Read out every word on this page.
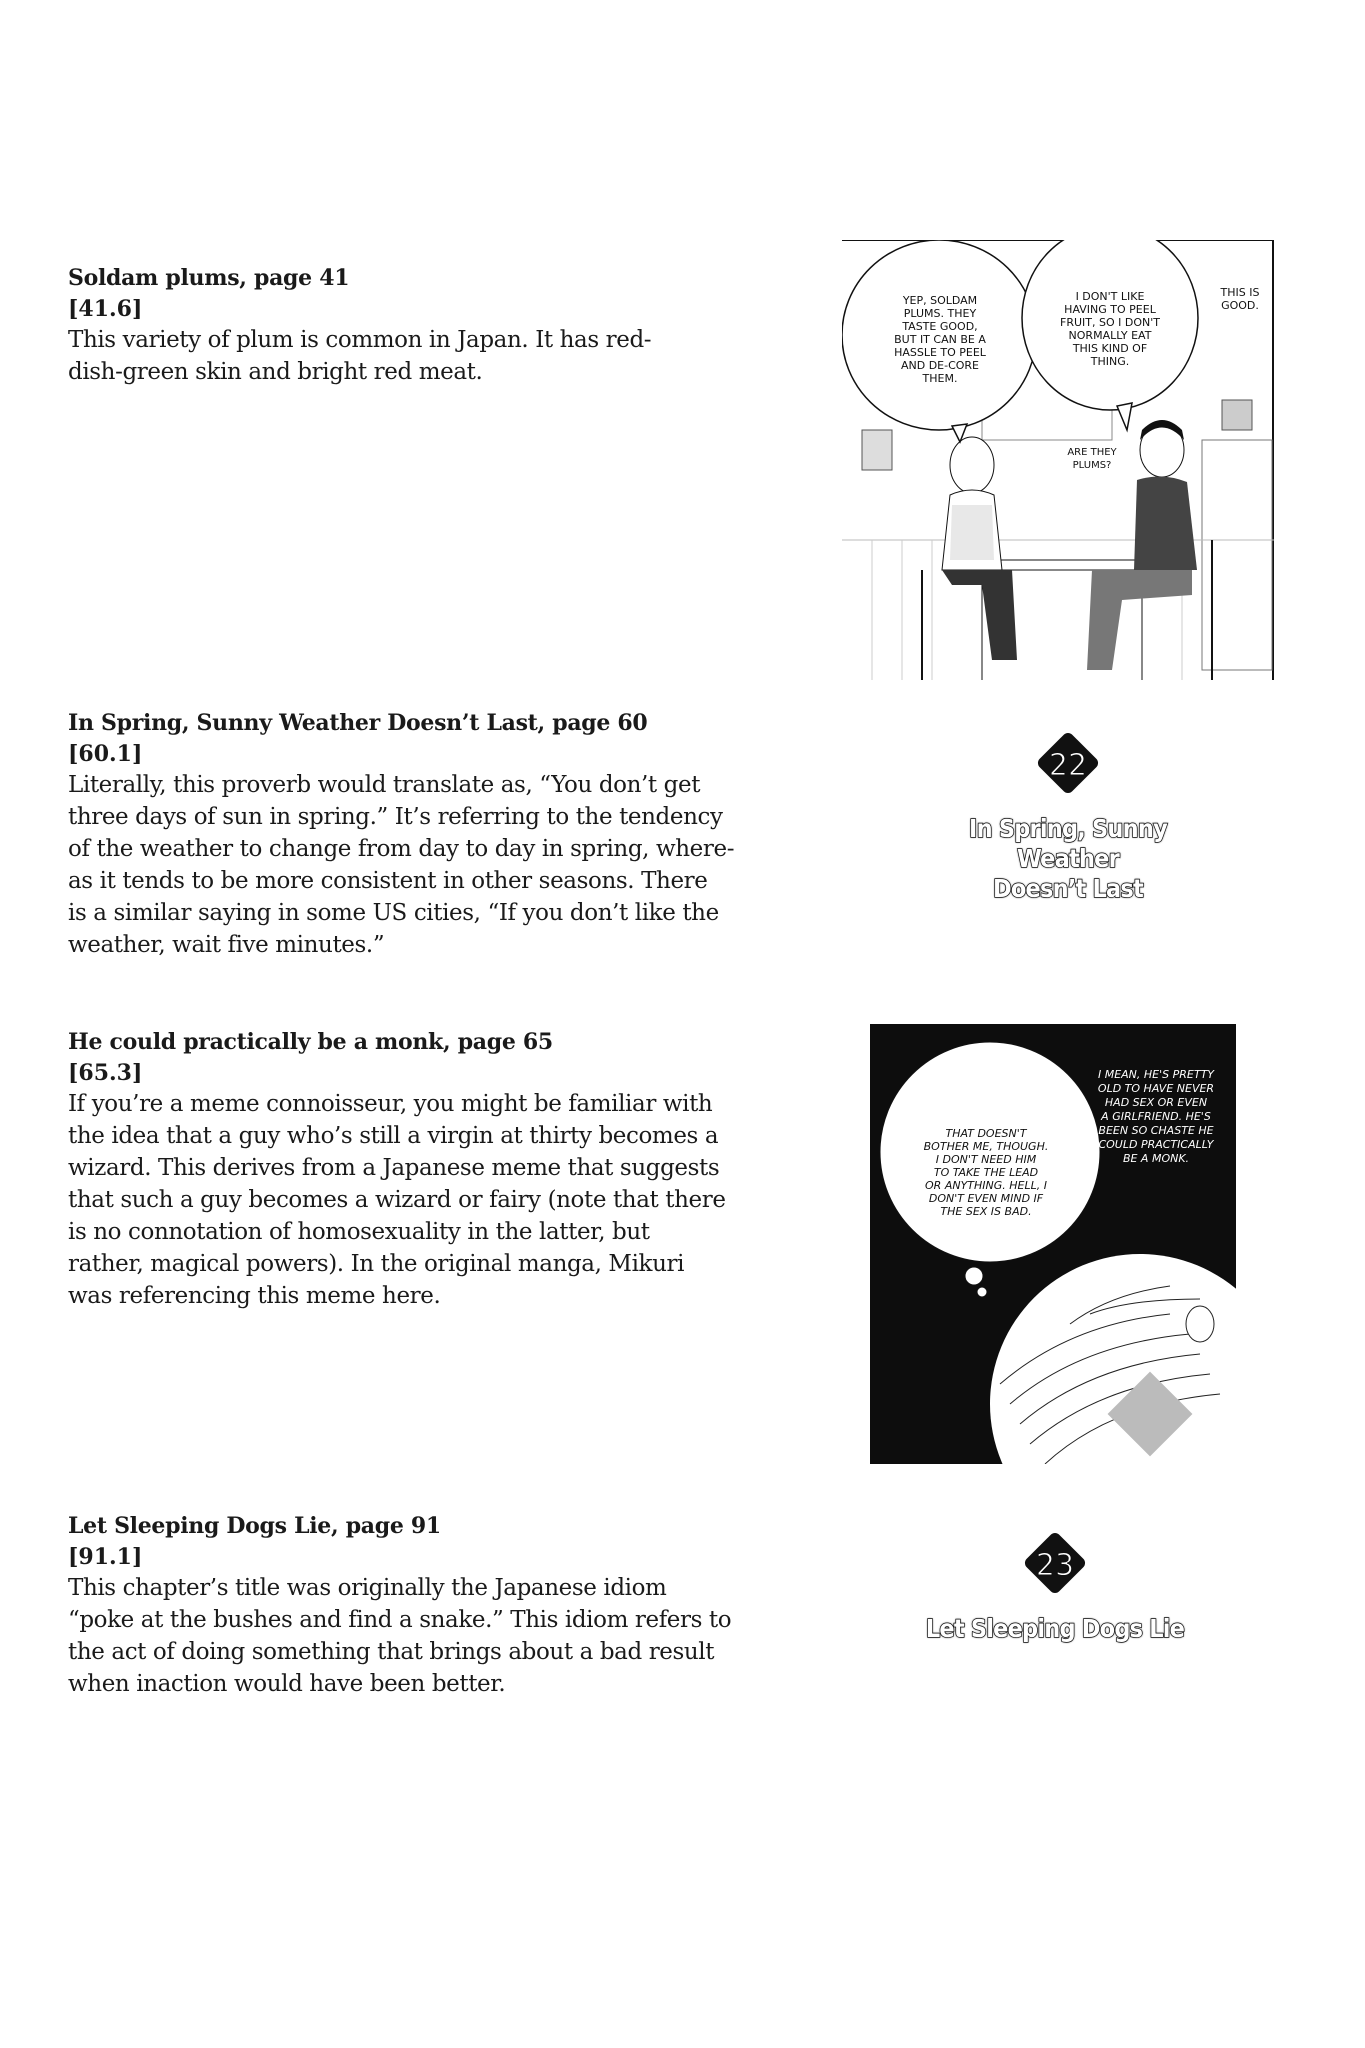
Soldam plums, page 41
[41.6]

This variety of plum is common in Japan. It has red-

dish-green skin and bright red meat.

YEP, SOLDAM
PLUMS. THEY
TASTE GOOD,
BUT IT CAN BE A
HASSLE TO PEEL
AND DE-CORE
THEM.
I DON'T LIKE
HAVING TO PEEL
FRUIT, SO I DON'T
NORMALLY EAT
THIS KIND OF
THING.
THIS IS
GOOD.
ARE THEY
PLUMS?
In Spring, Sunny Weather Doesn’t Last, page 60
[60.1]

Literally, this proverb would translate as, “You don’t get

three days of sun in spring.” It’s referring to the tendency

of the weather to change from day to day in spring, where-

as it tends to be more consistent in other seasons. There

is a similar saying in some US cities, “If you don’t like the

weather, wait five minutes.”

22
In Spring, Sunny Weather
Doesn’t Last
He could practically be a monk, page 65
[65.3]

If you’re a meme connoisseur, you might be familiar with

the idea that a guy who’s still a virgin at thirty becomes a

wizard. This derives from a Japanese meme that suggests

that such a guy becomes a wizard or fairy (note that there

is no connotation of homosexuality in the latter, but

rather, magical powers). In the original manga, Mikuri

was referencing this meme here.

THAT DOESN'T
BOTHER ME, THOUGH.
I DON'T NEED HIM
TO TAKE THE LEAD
OR ANYTHING. HELL, I
DON'T EVEN MIND IF
THE SEX IS BAD.
I MEAN, HE'S PRETTY
OLD TO HAVE NEVER
HAD SEX OR EVEN
A GIRLFRIEND. HE'S
BEEN SO CHASTE HE
COULD PRACTICALLY
BE A MONK.
Let Sleeping Dogs Lie, page 91
[91.1]

This chapter’s title was originally the Japanese idiom

“poke at the bushes and find a snake.” This idiom refers to

the act of doing something that brings about a bad result

when inaction would have been better.

23
Let Sleeping Dogs Lie
